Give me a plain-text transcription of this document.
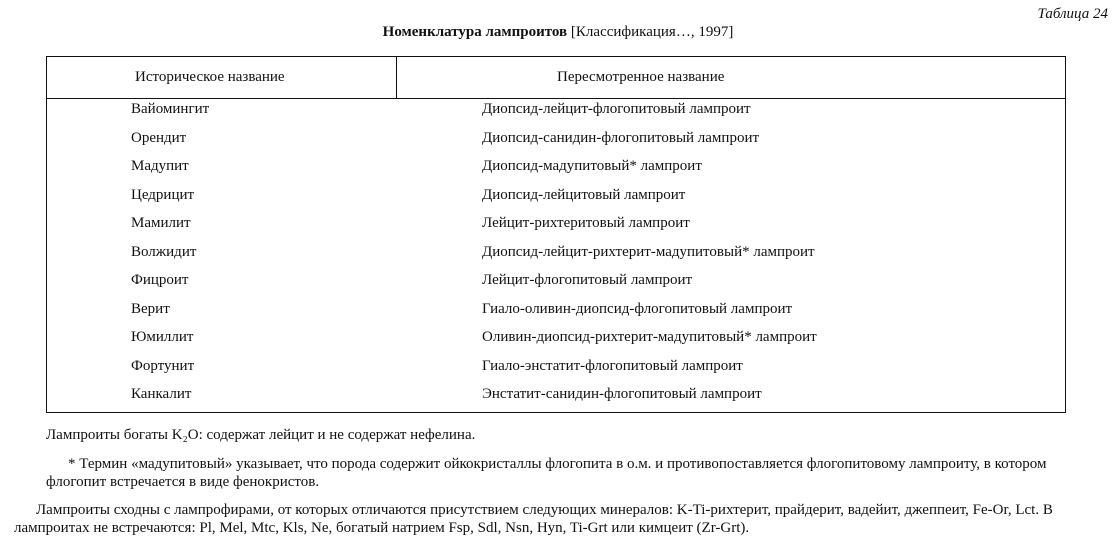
Таблица 24
Номенклатура лампроитов [Классификация…, 1997]
Историческое название	Пересмотренное название
Вайомингит	Диопсид-лейцит-флогопитовый лампроит
Орендит	Диопсид-санидин-флогопитовый лампроит
Мадупит	Диопсид-мадупитовый* лампроит
Цедрицит	Диопсид-лейцитовый лампроит
Мамилит	Лейцит-рихтеритовый лампроит
Волжидит	Диопсид-лейцит-рихтерит-мадупитовый* лампроит
Фицроит	Лейцит-флогопитовый лампроит
Верит	Гиало-оливин-диопсид-флогопитовый лампроит
Юмиллит	Оливин-диопсид-рихтерит-мадупитовый* лампроит
Фортунит	Гиало-энстатит-флогопитовый лампроит
Канкалит	Энстатит-санидин-флогопитовый лампроит
Лампроиты богаты K₂O: содержат лейцит и не содержат нефелина.
* Термин «мадупитовый» указывает, что порода содержит ойкокристаллы флогопита в о.м. и противопоставляется флогопитовому лампроиту, в котором флогопит встречается в виде фенокристов.
Лампроиты сходны с лампрофирами, от которых отличаются присутствием следующих минералов: K-Ti-рихтерит, прайдерит, вадейит, джеппеит, Fe-Or, Lct. В лампроитах не встречаются: Pl, Mel, Mtc, Kls, Ne, богатый натрием Fsp, Sdl, Nsn, Hyn, Ti-Grt или кимцеит (Zr-Grt).
